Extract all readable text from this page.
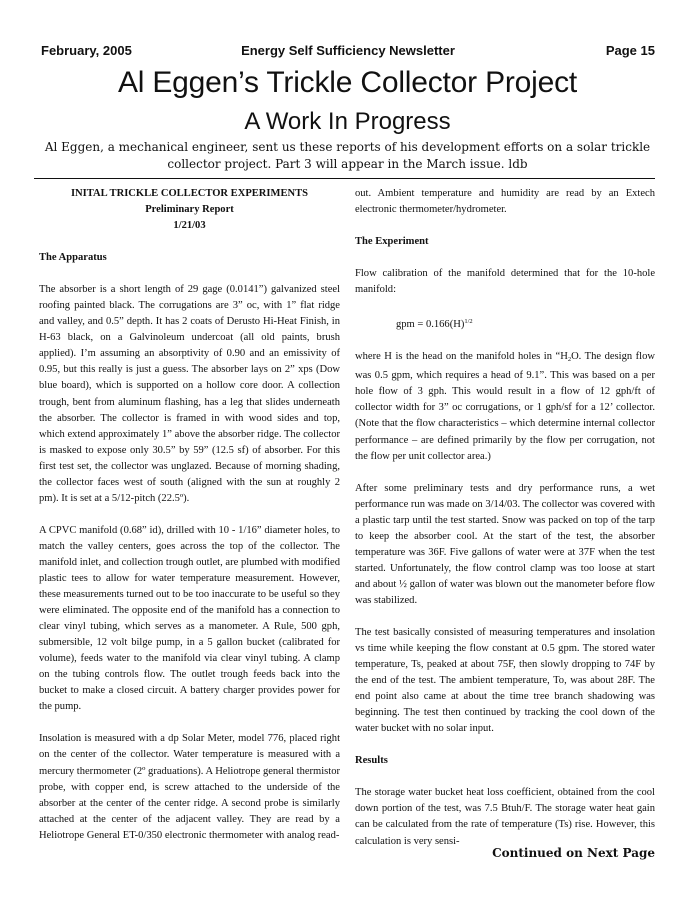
February, 2005	Energy Self Sufficiency Newsletter	Page 15
Al Eggen’s Trickle Collector Project
A Work In Progress
Al Eggen, a mechanical engineer, sent us these reports of his development efforts on a solar trickle collector project. Part 3 will appear in the March issue. ldb

INITAL TRICKLE COLLECTOR EXPERIMENTS

Preliminary Report

1/21/03

The Apparatus

The absorber is a short length of 29 gage (0.0141”) galvanized steel roofing painted black. The corrugations are 3” oc, with 1” flat ridge and valley, and 0.5” depth. It has 2 coats of Derusto Hi-Heat Finish, in H-63 black, on a Galvinoleum undercoat (all old paints, brush applied). I’m assuming an absorptivity of 0.90 and an emissivity of 0.95, but this really is just a guess. The absorber lays on 2” xps (Dow blue board), which is supported on a hollow core door. A collection trough, bent from aluminum flashing, has a leg that slides underneath the absorber. The collector is framed in with wood sides and top, which extend approximately 1” above the absorber ridge. The collector is masked to expose only 30.5” by 59” (12.5 sf) of absorber. For this first test set, the collector was unglazed. Because of morning shading, the collector faces west of south (aligned with the sun at roughly 2 pm). It is set at a 5/12-pitch (22.5º).

A CPVC manifold (0.68” id), drilled with 10 - 1/16” diameter holes, to match the valley centers, goes across the top of the collector. The manifold inlet, and collection trough outlet, are plumbed with modified plastic tees to allow for water temperature measurement. However, these measurements turned out to be too inaccurate to be useful so they were eliminated. The opposite end of the manifold has a connection to clear vinyl tubing, which serves as a manometer. A Rule, 500 gph, submersible, 12 volt bilge pump, in a 5 gallon bucket (calibrated for volume), feeds water to the manifold via clear vinyl tubing. A clamp on the tubing controls flow. The outlet trough feeds back into the bucket to make a closed circuit. A battery charger provides power for the pump.

Insolation is measured with a dp Solar Meter, model 776, placed right on the center of the collector. Water temperature is measured with a mercury thermometer (2º graduations). A Heliotrope general thermistor probe, with copper end, is screw attached to the underside of the absorber at the center of the center ridge. A second probe is similarly attached at the center of the adjacent valley. They are read by a Heliotrope General ET-0/350 electronic thermometer with analog read-

out. Ambient temperature and humidity are read by an Extech electronic thermometer/hydrometer.

The Experiment

Flow calibration of the manifold determined that for the 10-hole manifold:

gpm = $0.166(H)^{1/2}$

where H is the head on the manifold holes in “$H_2O$. The design flow was 0.5 gpm, which requires a head of 9.1”. This was based on a per hole flow of 3 gph. This would result in a flow of 12 gph/ft of collector width for 3” oc corrugations, or 1 gph/sf for a 12’ collector. (Note that the flow characteristics – which determine internal collector performance – are defined primarily by the flow per corrugation, not the flow per unit collector area.)

After some preliminary tests and dry performance runs, a wet performance run was made on 3/14/03. The collector was covered with a plastic tarp until the test started. Snow was packed on top of the tarp to keep the absorber cool. At the start of the test, the absorber temperature was 36F. Five gallons of water were at 37F when the test started. Unfortunately, the flow control clamp was too loose at start and about ½ gallon of water was blown out the manometer before flow was stabilized.

The test basically consisted of measuring temperatures and insolation vs time while keeping the flow constant at 0.5 gpm. The stored water temperature, Ts, peaked at about 75F, then slowly dropping to 74F by the end of the test. The ambient temperature, To, was about 28F. The end point also came at about the time tree branch shadowing was beginning. The test then continued by tracking the cool down of the water bucket with no solar input.

Results

The storage water bucket heat loss coefficient, obtained from the cool down portion of the test, was 7.5 Btuh/F. The storage water heat gain can be calculated from the rate of temperature (Ts) rise. However, this calculation is very sensi-

Continued on Next Page
